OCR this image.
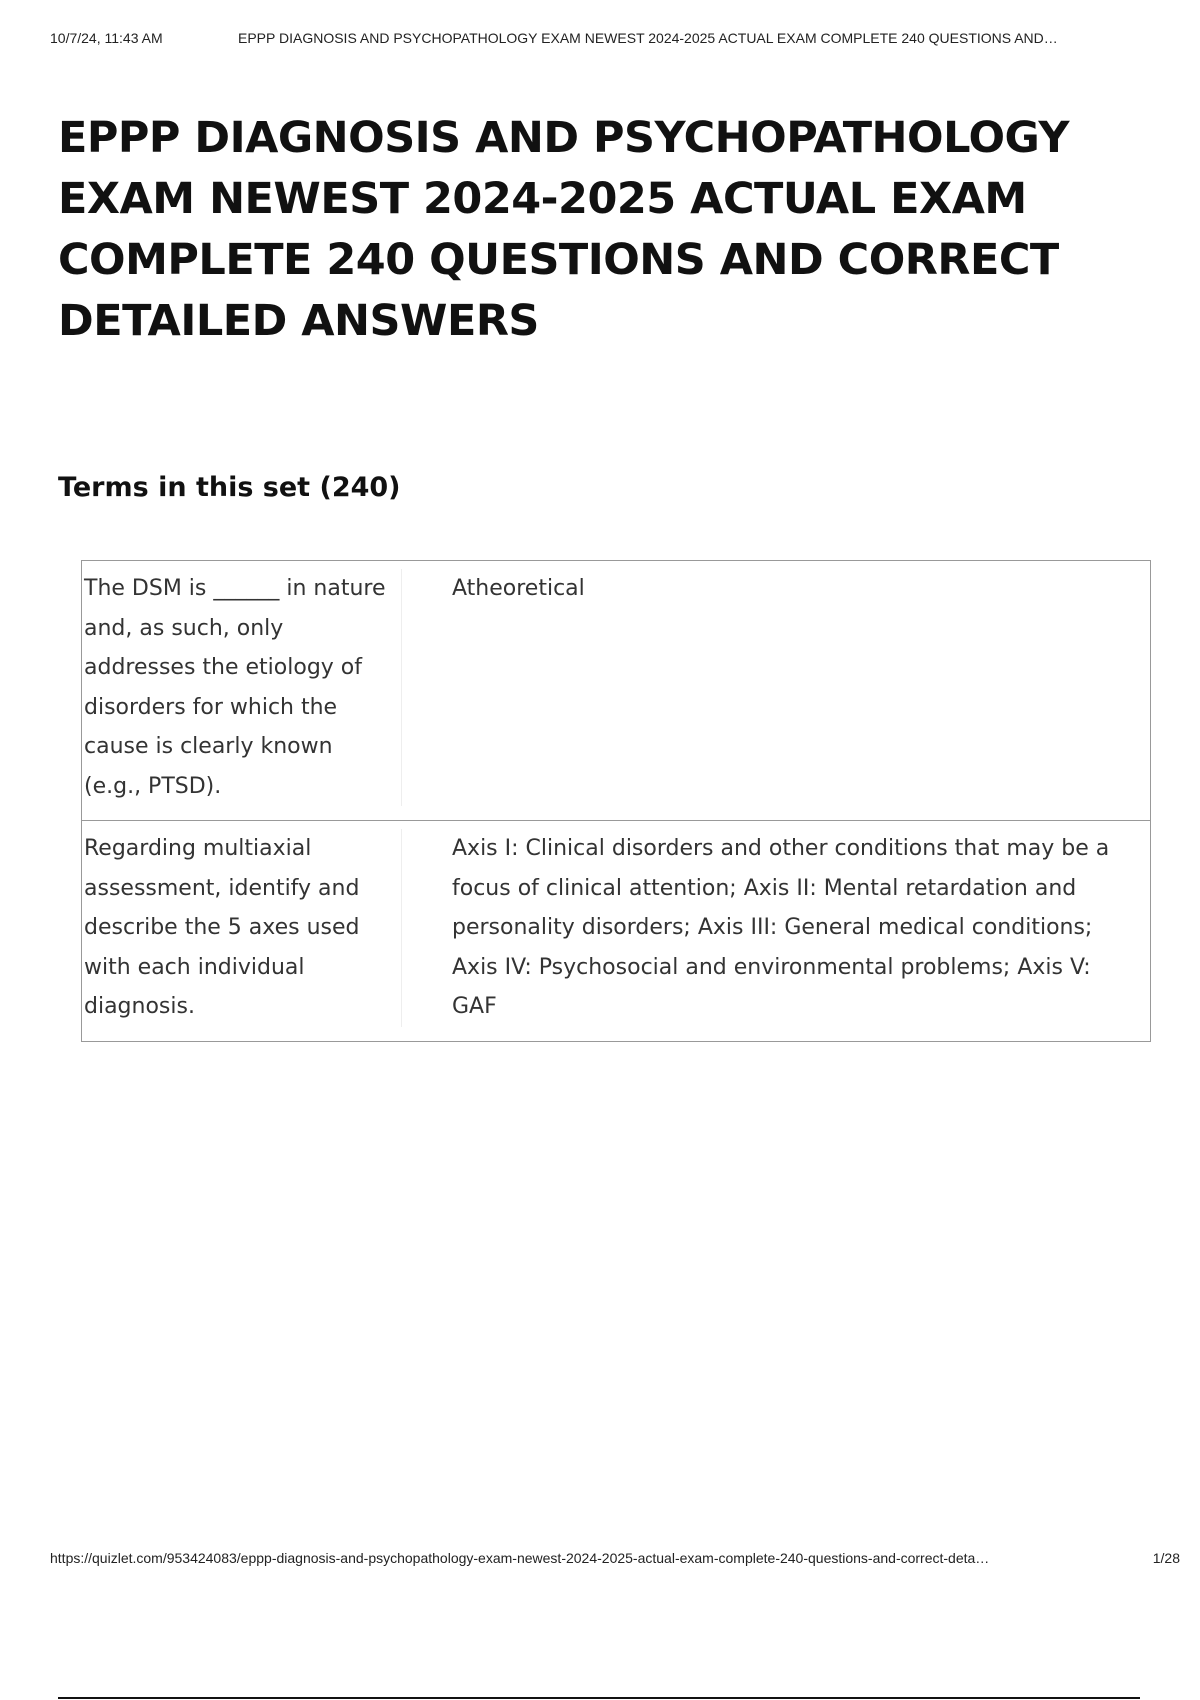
10/7/24, 11:43 AM	EPPP DIAGNOSIS AND PSYCHOPATHOLOGY EXAM NEWEST 2024-2025 ACTUAL EXAM COMPLETE 240 QUESTIONS AND…
EPPP DIAGNOSIS AND PSYCHOPATHOLOGY EXAM NEWEST 2024-2025 ACTUAL EXAM COMPLETE 240 QUESTIONS AND CORRECT DETAILED ANSWERS
Terms in this set (240)
The DSM is ______ in nature and, as such, only addresses the etiology of disorders for which the cause is clearly known (e.g., PTSD).
Atheoretical
Regarding multiaxial assessment, identify and describe the 5 axes used with each individual diagnosis.
Axis I: Clinical disorders and other conditions that may be a focus of clinical attention; Axis II: Mental retardation and personality disorders; Axis III: General medical conditions; Axis IV: Psychosocial and environmental problems; Axis V: GAF
https://quizlet.com/953424083/eppp-diagnosis-and-psychopathology-exam-newest-2024-2025-actual-exam-complete-240-questions-and-correct-deta…	1/28
